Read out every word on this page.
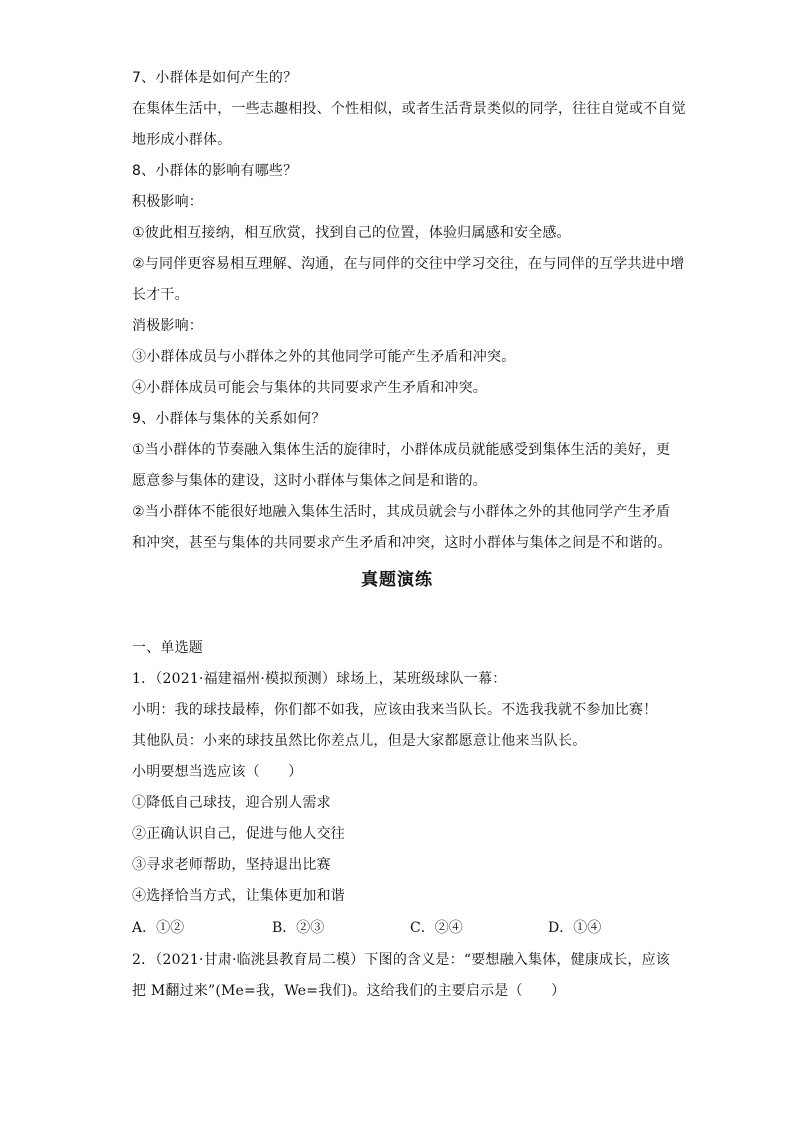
7、小群体是如何产生的？
在集体生活中，一些志趣相投、个性相似，或者生活背景类似的同学，往往自觉或不自觉
地形成小群体。
8、小群体的影响有哪些？
积极影响：
①彼此相互接纳，相互欣赏，找到自己的位置，体验归属感和安全感。
②与同伴更容易相互理解、沟通，在与同伴的交往中学习交往，在与同伴的互学共进中增
长才干。
消极影响：
③小群体成员与小群体之外的其他同学可能产生矛盾和冲突。
④小群体成员可能会与集体的共同要求产生矛盾和冲突。
9、小群体与集体的关系如何？
①当小群体的节奏融入集体生活的旋律时，小群体成员就能感受到集体生活的美好，更
愿意参与集体的建设，这时小群体与集体之间是和谐的。
②当小群体不能很好地融入集体生活时，其成员就会与小群体之外的其他同学产生矛盾
和冲突，甚至与集体的共同要求产生矛盾和冲突，这时小群体与集体之间是不和谐的。
真题演练
一、单选题
1．（2021·福建福州·模拟预测）球场上，某班级球队一幕：
小明：我的球技最棒，你们都不如我，应该由我来当队长。不选我我就不参加比赛！
其他队员：小来的球技虽然比你差点儿，但是大家都愿意让他来当队长。
小明要想当选应该（　　）
①降低自己球技，迎合别人需求
②正确认识自己，促进与他人交往
③寻求老师帮助，坚持退出比赛
④选择恰当方式，让集体更加和谐
A．①②	B．②③	C．②④	D．①④
2．（2021·甘肃·临洮县教育局二模）下图的含义是：“要想融入集体，健康成长，应该
把 M翻过来”(Me=我，We=我们)。这给我们的主要启示是（　　）
